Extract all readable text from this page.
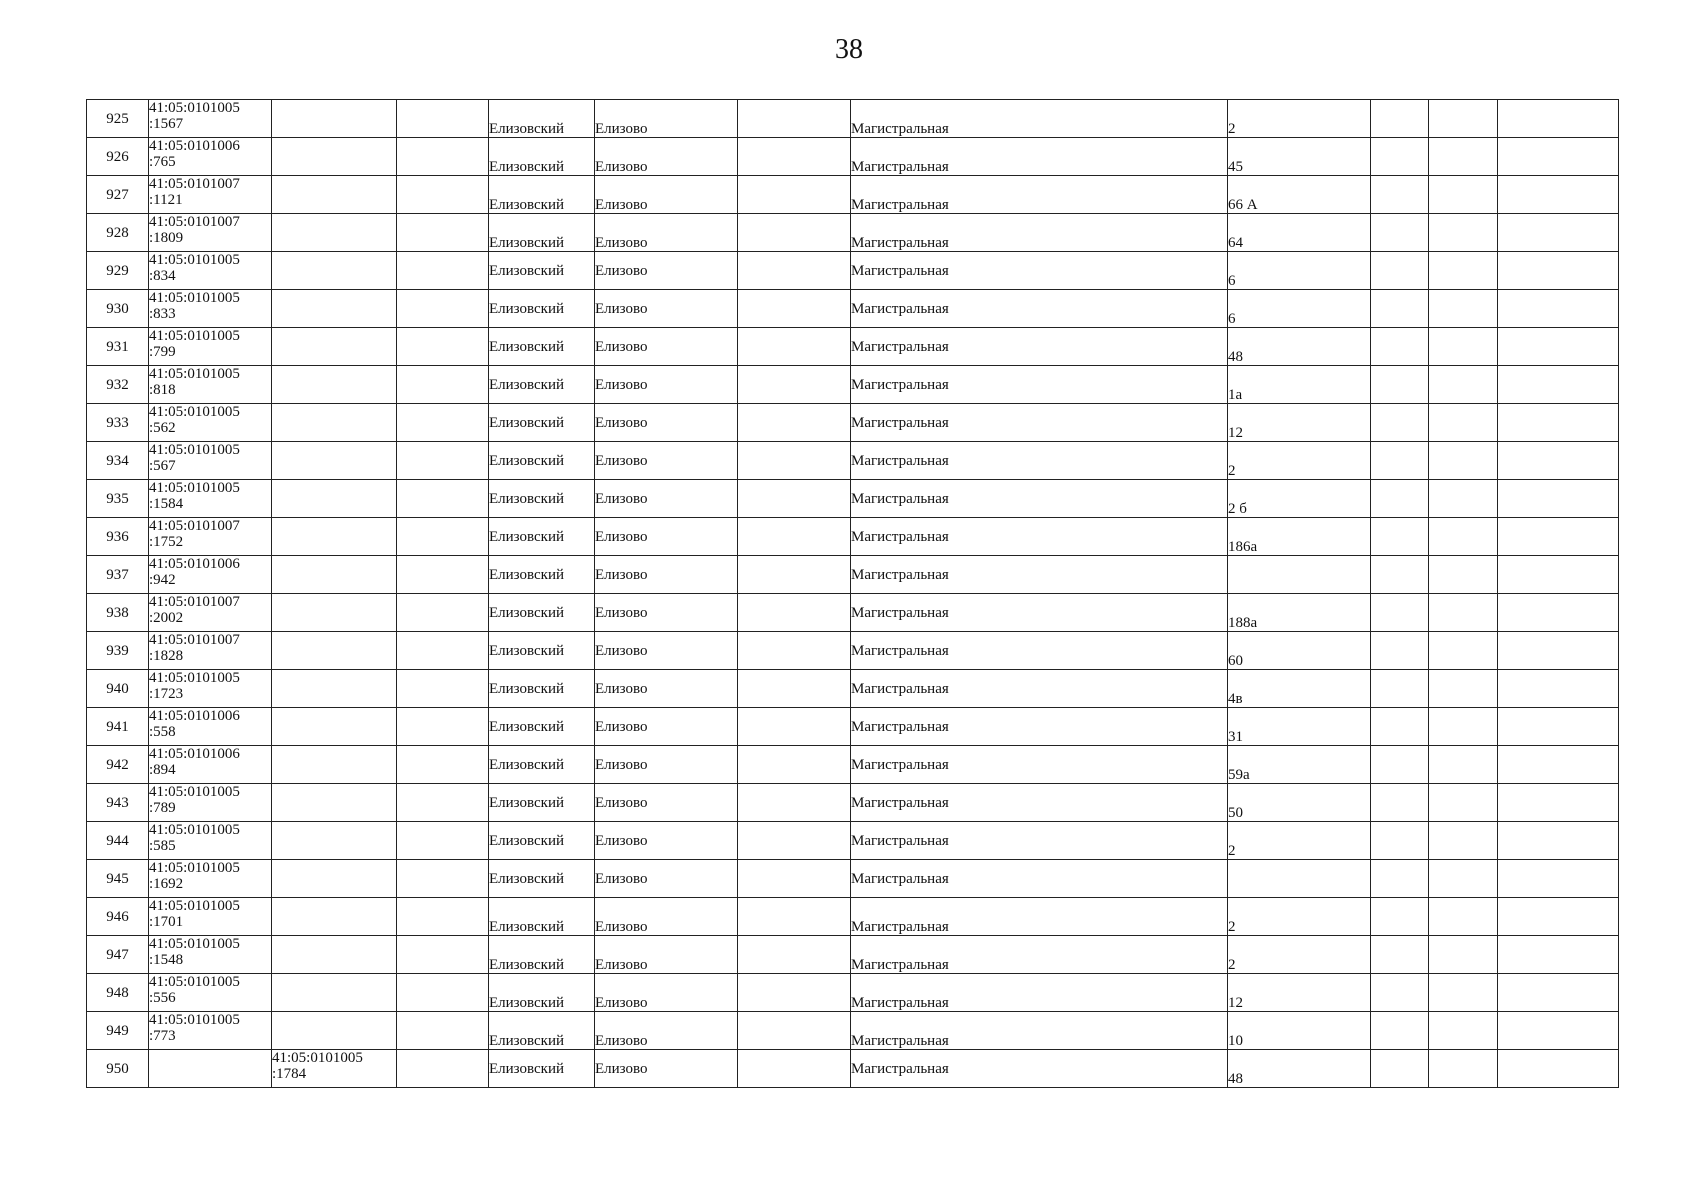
38
925	41:05:0101005
:1567			Елизовский	Елизово		Магистральная	2			
926	41:05:0101006
:765			Елизовский	Елизово		Магистральная	45			
927	41:05:0101007
:1121			Елизовский	Елизово		Магистральная	66 А			
928	41:05:0101007
:1809			Елизовский	Елизово		Магистральная	64			
929	41:05:0101005
:834			Елизовский	Елизово		Магистральная	6			
930	41:05:0101005
:833			Елизовский	Елизово		Магистральная	6			
931	41:05:0101005
:799			Елизовский	Елизово		Магистральная	48			
932	41:05:0101005
:818			Елизовский	Елизово		Магистральная	1а			
933	41:05:0101005
:562			Елизовский	Елизово		Магистральная	12			
934	41:05:0101005
:567			Елизовский	Елизово		Магистральная	2			
935	41:05:0101005
:1584			Елизовский	Елизово		Магистральная	2 б			
936	41:05:0101007
:1752			Елизовский	Елизово		Магистральная	186а			
937	41:05:0101006
:942			Елизовский	Елизово		Магистральная				
938	41:05:0101007
:2002			Елизовский	Елизово		Магистральная	188а			
939	41:05:0101007
:1828			Елизовский	Елизово		Магистральная	60			
940	41:05:0101005
:1723			Елизовский	Елизово		Магистральная	4в			
941	41:05:0101006
:558			Елизовский	Елизово		Магистральная	31			
942	41:05:0101006
:894			Елизовский	Елизово		Магистральная	59а			
943	41:05:0101005
:789			Елизовский	Елизово		Магистральная	50			
944	41:05:0101005
:585			Елизовский	Елизово		Магистральная	2			
945	41:05:0101005
:1692			Елизовский	Елизово		Магистральная				
946	41:05:0101005
:1701			Елизовский	Елизово		Магистральная	2			
947	41:05:0101005
:1548			Елизовский	Елизово		Магистральная	2			
948	41:05:0101005
:556			Елизовский	Елизово		Магистральная	12			
949	41:05:0101005
:773			Елизовский	Елизово		Магистральная	10			
950		41:05:0101005
:1784		Елизовский	Елизово		Магистральная	48			
